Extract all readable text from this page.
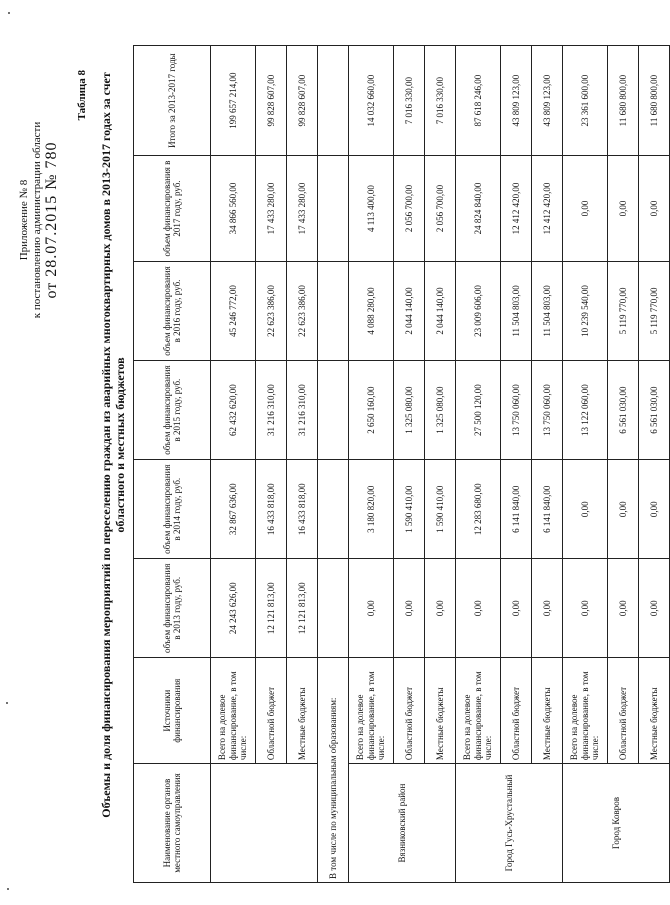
Приложение № 8 к постановлению администрации области от 28.07.2015 № 780
Таблица 8 Объемы и доля финансирования мероприятий по переселению граждан из аварийных многоквартирных домов в 2013-2017 годах за счет областного и местных бюджетов
Наименование органов местного самоуправления	Источники финансирования	объем финансирования в 2013 году, руб.	объем финансирования в 2014 году, руб.	объем финансирования в 2015 году, руб.	объем финансирования в 2016 году, руб.	объем финансирования в 2017 году, руб.	Итого за 2013-2017 годы
	Всего на долевое финансирование, в том числе:	24 243 626,00	32 867 636,00	62 432 620,00	45 246 772,00	34 866 560,00	199 657 214,00
	Областной бюджет	12 121 813,00	16 433 818,00	31 216 310,00	22 623 386,00	17 433 280,00	99 828 607,00
	Местные бюджеты	12 121 813,00	16 433 818,00	31 216 310,00	22 623 386,00	17 433 280,00	99 828 607,00
В том числе по муниципальным образованиям:							
Вязниковский район	Всего на долевое финансирование, в том числе:	0,00	3 180 820,00	2 650 160,00	4 088 280,00	4 113 400,00	14 032 660,00
	Областной бюджет	0,00	1 590 410,00	1 325 080,00	2 044 140,00	2 056 700,00	7 016 330,00
	Местные бюджеты	0,00	1 590 410,00	1 325 080,00	2 044 140,00	2 056 700,00	7 016 330,00
Город Гусь-Хрустальный	Всего на долевое финансирование, в том числе:	0,00	12 283 680,00	27 500 120,00	23 009 606,00	24 824 840,00	87 618 246,00
	Областной бюджет	0,00	6 141 840,00	13 750 060,00	11 504 803,00	12 412 420,00	43 809 123,00
	Местные бюджеты	0,00	6 141 840,00	13 750 060,00	11 504 803,00	12 412 420,00	43 809 123,00
Город Ковров	Всего на долевое финансирование, в том числе:	0,00	0,00	13 122 060,00	10 239 540,00	0,00	23 361 600,00
	Областной бюджет	0,00	0,00	6 561 030,00	5 119 770,00	0,00	11 680 800,00
	Местные бюджеты	0,00	0,00	6 561 030,00	5 119 770,00	0,00	11 680 800,00
